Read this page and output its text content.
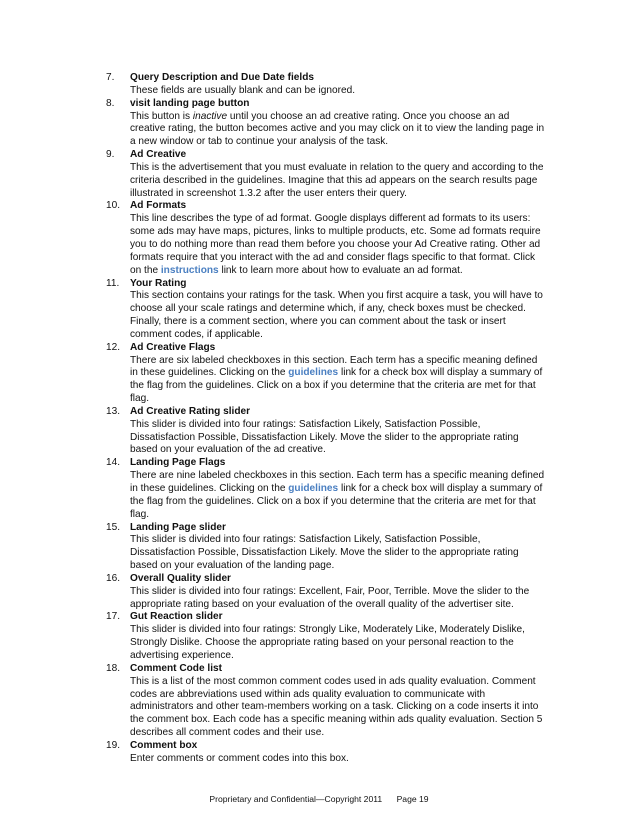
7. Query Description and Due Date fields
These fields are usually blank and can be ignored.
8. visit landing page button
This button is inactive until you choose an ad creative rating. Once you choose an ad creative rating, the button becomes active and you may click on it to view the landing page in a new window or tab to continue your analysis of the task.
9. Ad Creative
This is the advertisement that you must evaluate in relation to the query and according to the criteria described in the guidelines. Imagine that this ad appears on the search results page illustrated in screenshot 1.3.2 after the user enters their query.
10. Ad Formats
This line describes the type of ad format. Google displays different ad formats to its users: some ads may have maps, pictures, links to multiple products, etc. Some ad formats require you to do nothing more than read them before you choose your Ad Creative rating. Other ad formats require that you interact with the ad and consider flags specific to that format. Click on the instructions link to learn more about how to evaluate an ad format.
11. Your Rating
This section contains your ratings for the task. When you first acquire a task, you will have to choose all your scale ratings and determine which, if any, check boxes must be checked. Finally, there is a comment section, where you can comment about the task or insert comment codes, if applicable.
12. Ad Creative Flags
There are six labeled checkboxes in this section. Each term has a specific meaning defined in these guidelines. Clicking on the guidelines link for a check box will display a summary of the flag from the guidelines. Click on a box if you determine that the criteria are met for that flag.
13. Ad Creative Rating slider
This slider is divided into four ratings: Satisfaction Likely, Satisfaction Possible, Dissatisfaction Possible, Dissatisfaction Likely. Move the slider to the appropriate rating based on your evaluation of the ad creative.
14. Landing Page Flags
There are nine labeled checkboxes in this section. Each term has a specific meaning defined in these guidelines. Clicking on the guidelines link for a check box will display a summary of the flag from the guidelines. Click on a box if you determine that the criteria are met for that flag.
15. Landing Page slider
This slider is divided into four ratings: Satisfaction Likely, Satisfaction Possible, Dissatisfaction Possible, Dissatisfaction Likely. Move the slider to the appropriate rating based on your evaluation of the landing page.
16. Overall Quality slider
This slider is divided into four ratings: Excellent, Fair, Poor, Terrible. Move the slider to the appropriate rating based on your evaluation of the overall quality of the advertiser site.
17. Gut Reaction slider
This slider is divided into four ratings: Strongly Like, Moderately Like, Moderately Dislike, Strongly Dislike. Choose the appropriate rating based on your personal reaction to the advertising experience.
18. Comment Code list
This is a list of the most common comment codes used in ads quality evaluation. Comment codes are abbreviations used within ads quality evaluation to communicate with administrators and other team-members working on a task. Clicking on a code inserts it into the comment box. Each code has a specific meaning within ads quality evaluation. Section 5 describes all comment codes and their use.
19. Comment box
Enter comments or comment codes into this box.
Proprietary and Confidential—Copyright 2011 Page 19
